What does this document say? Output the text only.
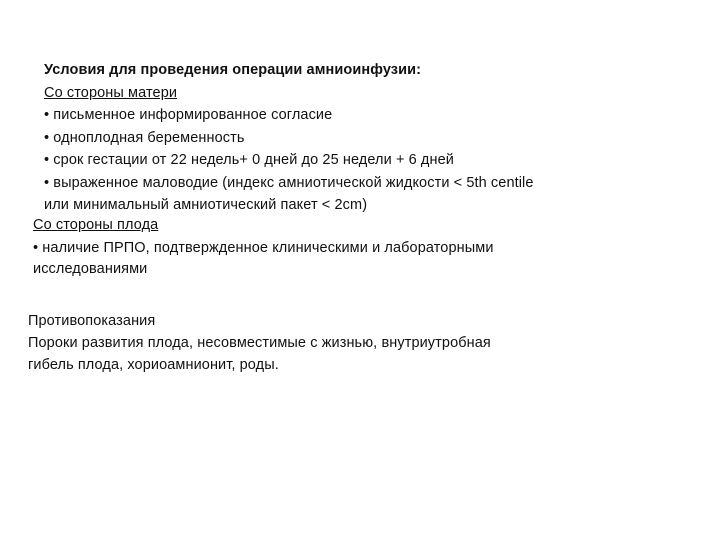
Условия для проведения операции амниоинфузии:
Со стороны матери
• письменное информированное согласие
• одноплодная беременность
• срок гестации от 22 недель+ 0 дней до 25 недели + 6 дней
• выраженное маловодие (индекс амниотической жидкости < 5th centile
или минимальный амниотический пакет < 2cm)
Со стороны плода
• наличие ПРПО, подтвержденное клиническими и лабораторными
исследованиями
Противопоказания
Пороки развития плода, несовместимые с жизнью, внутриутробная
гибель плода, хориоамнионит, роды.
